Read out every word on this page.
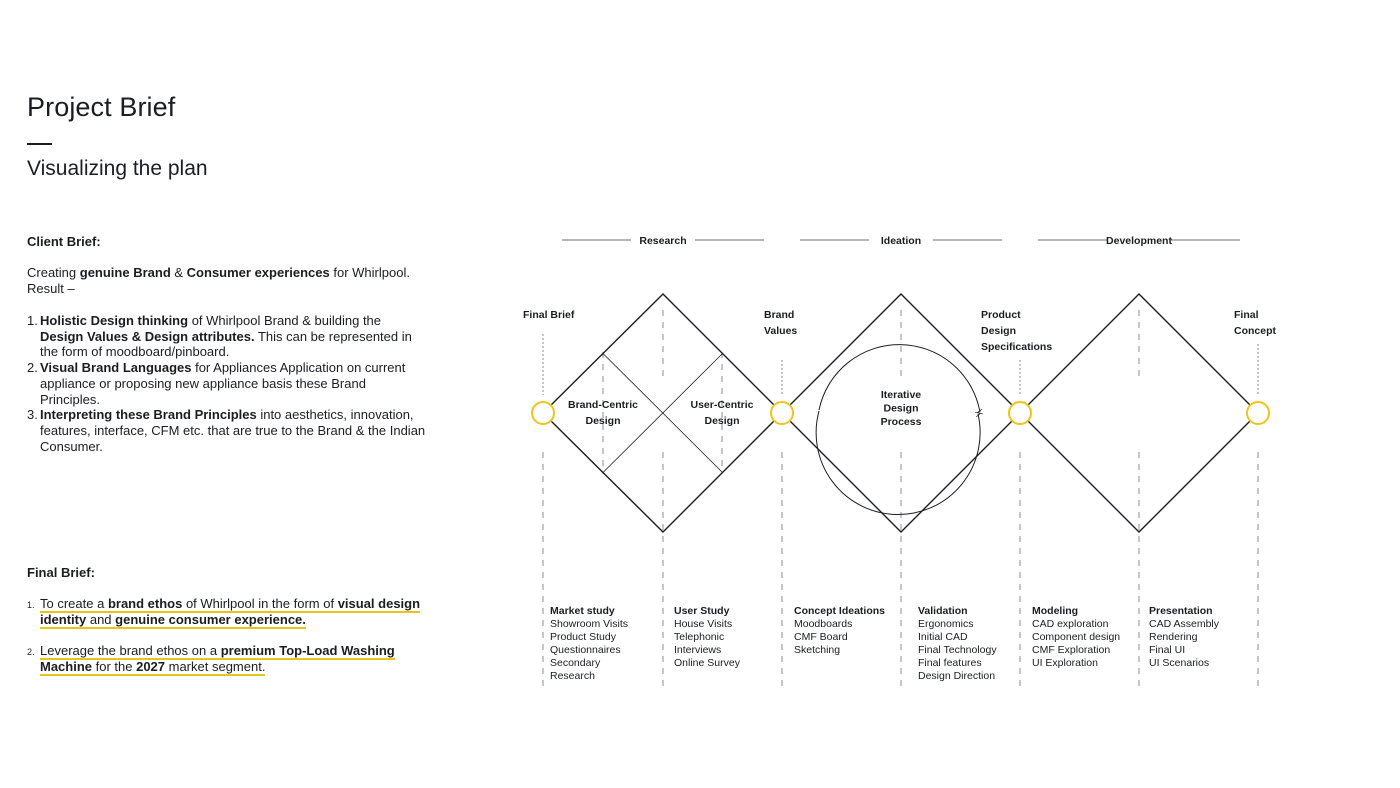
Project Brief
Visualizing the plan
Client Brief:
Creating genuine Brand & Consumer experiences for Whirlpool.
Result –
1. Holistic Design thinking of Whirlpool Brand & building the Design Values & Design attributes. This can be represented in the form of moodboard/pinboard.
2. Visual Brand Languages for Appliances Application on current appliance or proposing new appliance basis these Brand Principles.
3. Interpreting these Brand Principles into aesthetics, innovation, features, interface, CFM etc. that are true to the Brand & the Indian Consumer.
Final Brief:
1. To create a brand ethos of Whirlpool in the form of visual design identity and genuine consumer experience.
2. Leverage the brand ethos on a premium Top-Load Washing Machine for the 2027 market segment.
Research	Ideation	Development
Final Brief	Brand
Values
Product
Design
Specifications
Final
Concept
Brand-Centric
Design
User-Centric
Design
Iterative
Design
Process
Market study
Showroom Visits
Product Study
Questionnaires
Secondary
Research
User Study
House Visits
Telephonic
Interviews
Online Survey
Concept Ideations
Moodboards
CMF Board
Sketching
Validation
Ergonomics
Initial CAD
Final Technology
Final features
Design Direction
Modeling
CAD exploration
Component design
CMF Exploration
UI Exploration
Presentation
CAD Assembly
Rendering
Final UI
UI Scenarios
